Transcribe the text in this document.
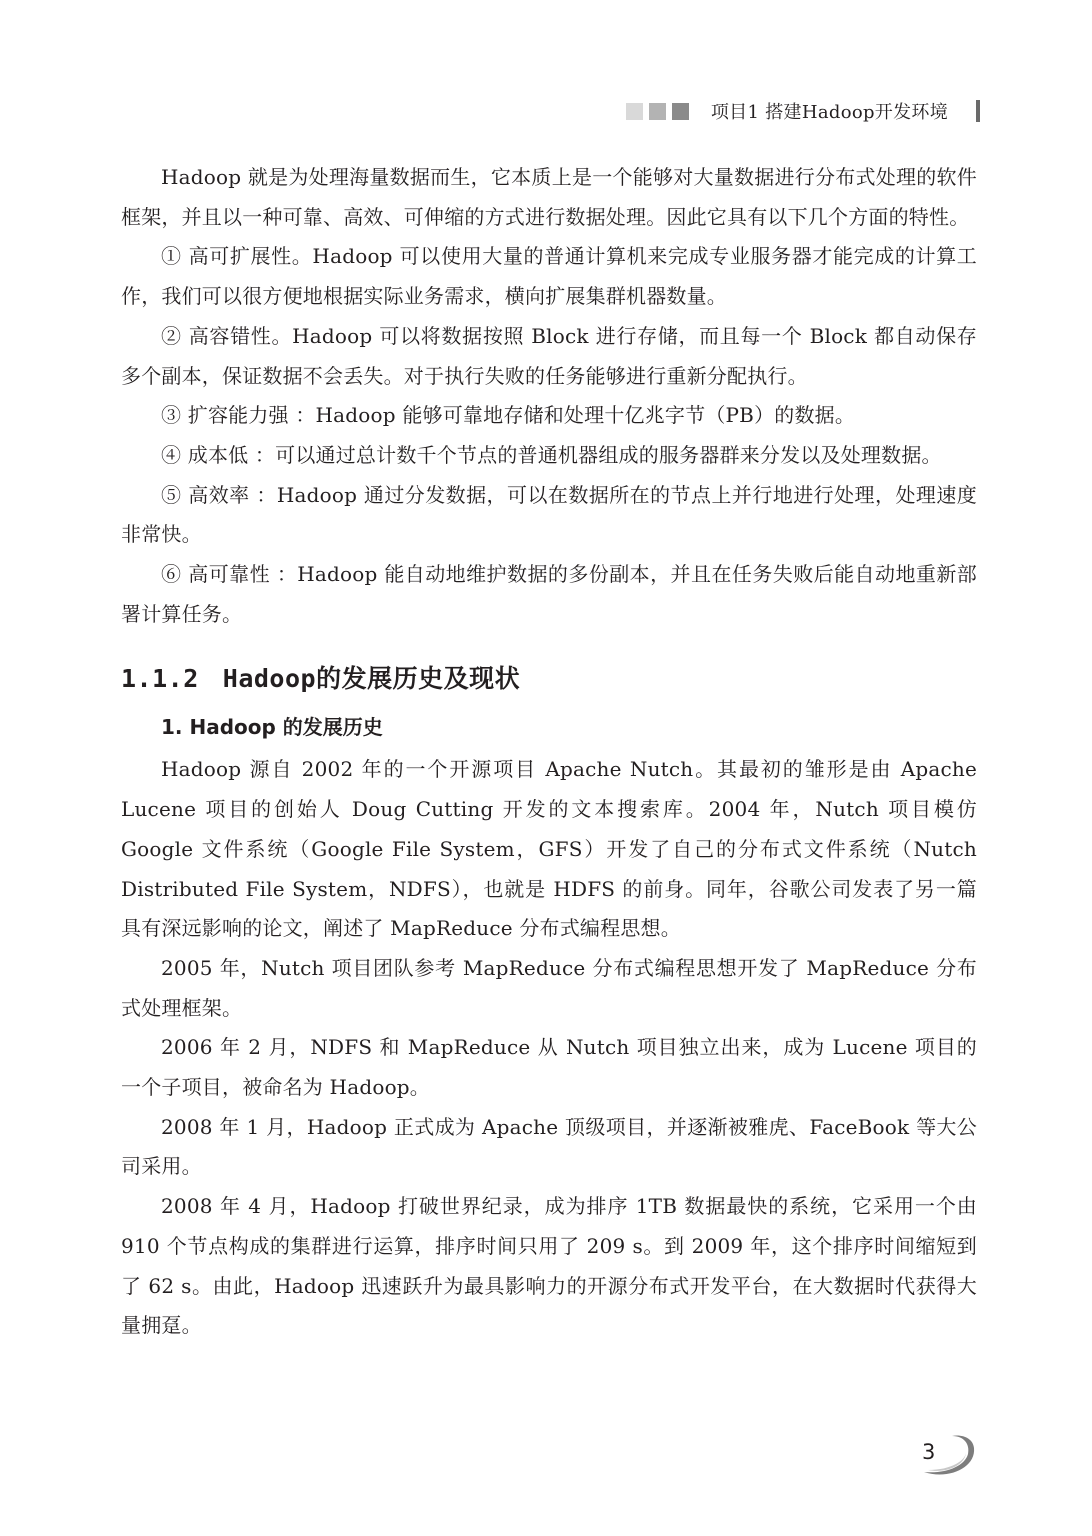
项目1 搭建Hadoop开发环境

Hadoop 就是为处理海量数据而生，它本质上是一个能够对大量数据进行分布式处理的软件框架，并且以一种可靠、高效、可伸缩的方式进行数据处理。因此它具有以下几个方面的特性。

① 高可扩展性。Hadoop 可以使用大量的普通计算机来完成专业服务器才能完成的计算工作，我们可以很方便地根据实际业务需求，横向扩展集群机器数量。

② 高容错性。Hadoop 可以将数据按照 Block 进行存储，而且每一个 Block 都自动保存多个副本，保证数据不会丢失。对于执行失败的任务能够进行重新分配执行。

③ 扩容能力强 ：Hadoop 能够可靠地存储和处理十亿兆字节（PB）的数据。

④ 成本低 ：可以通过总计数千个节点的普通机器组成的服务器群来分发以及处理数据。

⑤ 高效率 ：Hadoop 通过分发数据，可以在数据所在的节点上并行地进行处理，处理速度非常快。

⑥ 高可靠性 ：Hadoop 能自动地维护数据的多份副本，并且在任务失败后能自动地重新部署计算任务。

1.1.2 Hadoop的发展历史及现状
1. Hadoop 的发展历史

Hadoop 源自 2002 年的一个开源项目 Apache Nutch。其最初的雏形是由 Apache Lucene 项目的创始人 Doug Cutting 开发的文本搜索库。2004 年，Nutch 项目模仿 Google 文件系统（Google File System，GFS）开发了自己的分布式文件系统（Nutch Distributed File System，NDFS），也就是 HDFS 的前身。同年，谷歌公司发表了另一篇具有深远影响的论文，阐述了 MapReduce 分布式编程思想。

2005 年，Nutch 项目团队参考 MapReduce 分布式编程思想开发了 MapReduce 分布式处理框架。

2006 年 2 月，NDFS 和 MapReduce 从 Nutch 项目独立出来，成为 Lucene 项目的一个子项目，被命名为 Hadoop。

2008 年 1 月，Hadoop 正式成为 Apache 顶级项目，并逐渐被雅虎、FaceBook 等大公司采用。

2008 年 4 月，Hadoop 打破世界纪录，成为排序 1TB 数据最快的系统，它采用一个由 910 个节点构成的集群进行运算，排序时间只用了 209 s。到 2009 年，这个排序时间缩短到了 62 s。由此，Hadoop 迅速跃升为最具影响力的开源分布式开发平台，在大数据时代获得大量拥趸。

3
